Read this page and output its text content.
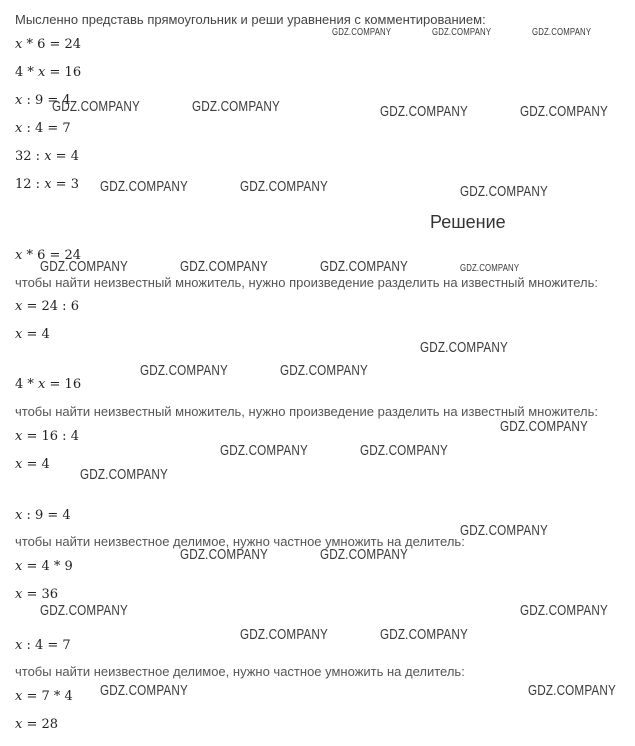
Мысленно представь прямоугольник и реши уравнения с комментированием:
x * 6 = 24
4 * x = 16
x : 9 = 4
x : 4 = 7
32 : x = 4
12 : x = 3
Решение
x * 6 = 24
чтобы найти неизвестный множитель, нужно произведение разделить на известный множитель:
x = 24 : 6
x = 4
4 * x = 16
чтобы найти неизвестный множитель, нужно произведение разделить на известный множитель:
x = 16 : 4
x = 4
x : 9 = 4
чтобы найти неизвестное делимое, нужно частное умножить на делитель:
x = 4 * 9
x = 36
x : 4 = 7
чтобы найти неизвестное делимое, нужно частное умножить на делитель:
x = 7 * 4
x = 28
GDZ.COMPANY	GDZ.COMPANY	GDZ.COMPANY
GDZ.COMPANY	GDZ.COMPANY	GDZ.COMPANY	GDZ.COMPANY
GDZ.COMPANY	GDZ.COMPANY	GDZ.COMPANY
GDZ.COMPANY	GDZ.COMPANY	GDZ.COMPANY	GDZ.COMPANY
GDZ.COMPANY
GDZ.COMPANY	GDZ.COMPANY
GDZ.COMPANY
GDZ.COMPANY	GDZ.COMPANY
GDZ.COMPANY
GDZ.COMPANY
GDZ.COMPANY	GDZ.COMPANY
GDZ.COMPANY	GDZ.COMPANY
GDZ.COMPANY	GDZ.COMPANY
GDZ.COMPANY	GDZ.COMPANY
